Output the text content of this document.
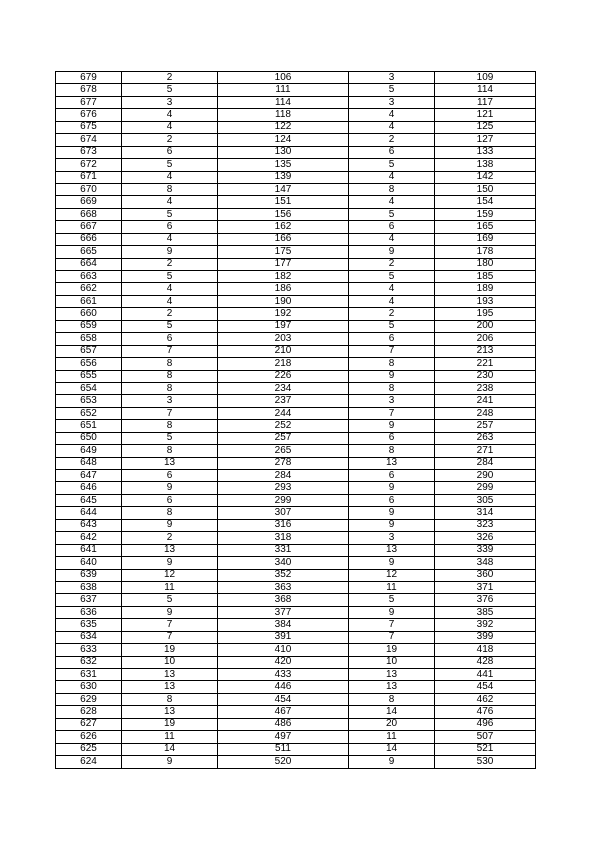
679	2	106	3	109
678	5	111	5	114
677	3	114	3	117
676	4	118	4	121
675	4	122	4	125
674	2	124	2	127
673	6	130	6	133
672	5	135	5	138
671	4	139	4	142
670	8	147	8	150
669	4	151	4	154
668	5	156	5	159
667	6	162	6	165
666	4	166	4	169
665	9	175	9	178
664	2	177	2	180
663	5	182	5	185
662	4	186	4	189
661	4	190	4	193
660	2	192	2	195
659	5	197	5	200
658	6	203	6	206
657	7	210	7	213
656	8	218	8	221
655	8	226	9	230
654	8	234	8	238
653	3	237	3	241
652	7	244	7	248
651	8	252	9	257
650	5	257	6	263
649	8	265	8	271
648	13	278	13	284
647	6	284	6	290
646	9	293	9	299
645	6	299	6	305
644	8	307	9	314
643	9	316	9	323
642	2	318	3	326
641	13	331	13	339
640	9	340	9	348
639	12	352	12	360
638	11	363	11	371
637	5	368	5	376
636	9	377	9	385
635	7	384	7	392
634	7	391	7	399
633	19	410	19	418
632	10	420	10	428
631	13	433	13	441
630	13	446	13	454
629	8	454	8	462
628	13	467	14	476
627	19	486	20	496
626	11	497	11	507
625	14	511	14	521
624	9	520	9	530
